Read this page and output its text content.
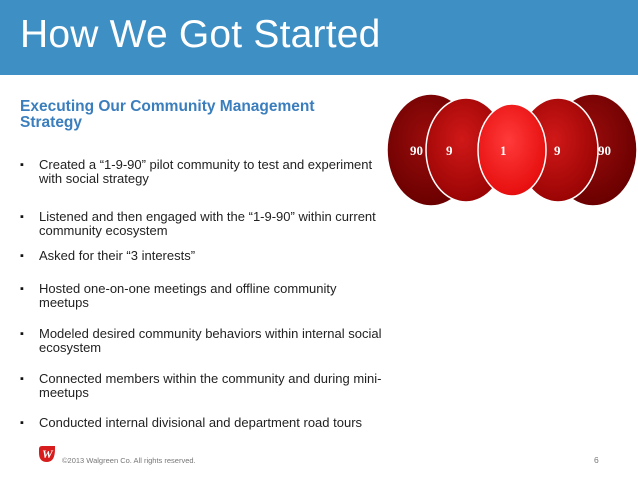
How We Got Started
Executing Our Community Management Strategy
▪ Created a “1-9-90” pilot community to test and experiment with social strategy
▪ Listened and then engaged with the “1-9-90” within current community ecosystem
▪ Asked for their “3 interests”
▪ Hosted one-on-one meetings and offline community meetups
▪ Modeled desired community behaviors within internal social ecosystem
▪ Connected members within the community and during mini-meetups
▪ Conducted internal divisional and department road tours
90 9	1	9	90
W ©2013 Walgreen Co. All rights reserved.	6
